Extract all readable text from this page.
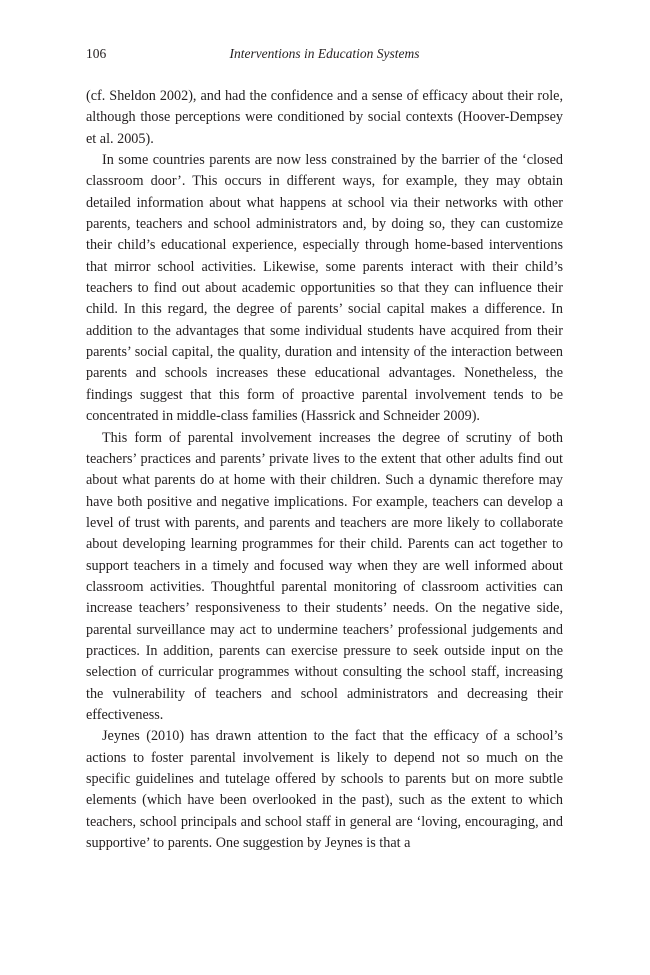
106	Interventions in Education Systems

(cf. Sheldon 2002), and had the confidence and a sense of efficacy about their role, although those perceptions were conditioned by social contexts (Hoover-Dempsey et al. 2005).

In some countries parents are now less constrained by the barrier of the ‘closed classroom door’. This occurs in different ways, for example, they may obtain detailed information about what happens at school via their networks with other parents, teachers and school administrators and, by doing so, they can customize their child’s educational experience, especially through home-based interventions that mirror school activities. Likewise, some parents interact with their child’s teachers to find out about academic opportunities so that they can influence their child. In this regard, the degree of parents’ social capital makes a difference. In addition to the advantages that some individual students have acquired from their parents’ social capital, the quality, duration and intensity of the interaction between parents and schools increases these educational advantages. Nonetheless, the findings suggest that this form of proactive parental involvement tends to be concentrated in middle-class families (Hassrick and Schneider 2009).

This form of parental involvement increases the degree of scrutiny of both teachers’ practices and parents’ private lives to the extent that other adults find out about what parents do at home with their children. Such a dynamic therefore may have both positive and negative implications. For example, teachers can develop a level of trust with parents, and parents and teachers are more likely to collaborate about developing learning programmes for their child. Parents can act together to support teachers in a timely and focused way when they are well informed about classroom activities. Thoughtful parental monitoring of classroom activities can increase teachers’ responsiveness to their students’ needs. On the negative side, parental surveillance may act to undermine teachers’ professional judgements and practices. In addition, parents can exercise pressure to seek outside input on the selection of curricular programmes without consulting the school staff, increasing the vulnerability of teachers and school administrators and decreasing their effectiveness.

Jeynes (2010) has drawn attention to the fact that the efficacy of a school’s actions to foster parental involvement is likely to depend not so much on the specific guidelines and tutelage offered by schools to parents but on more subtle elements (which have been overlooked in the past), such as the extent to which teachers, school principals and school staff in general are ‘loving, encouraging, and supportive’ to parents. One suggestion by Jeynes is that a
